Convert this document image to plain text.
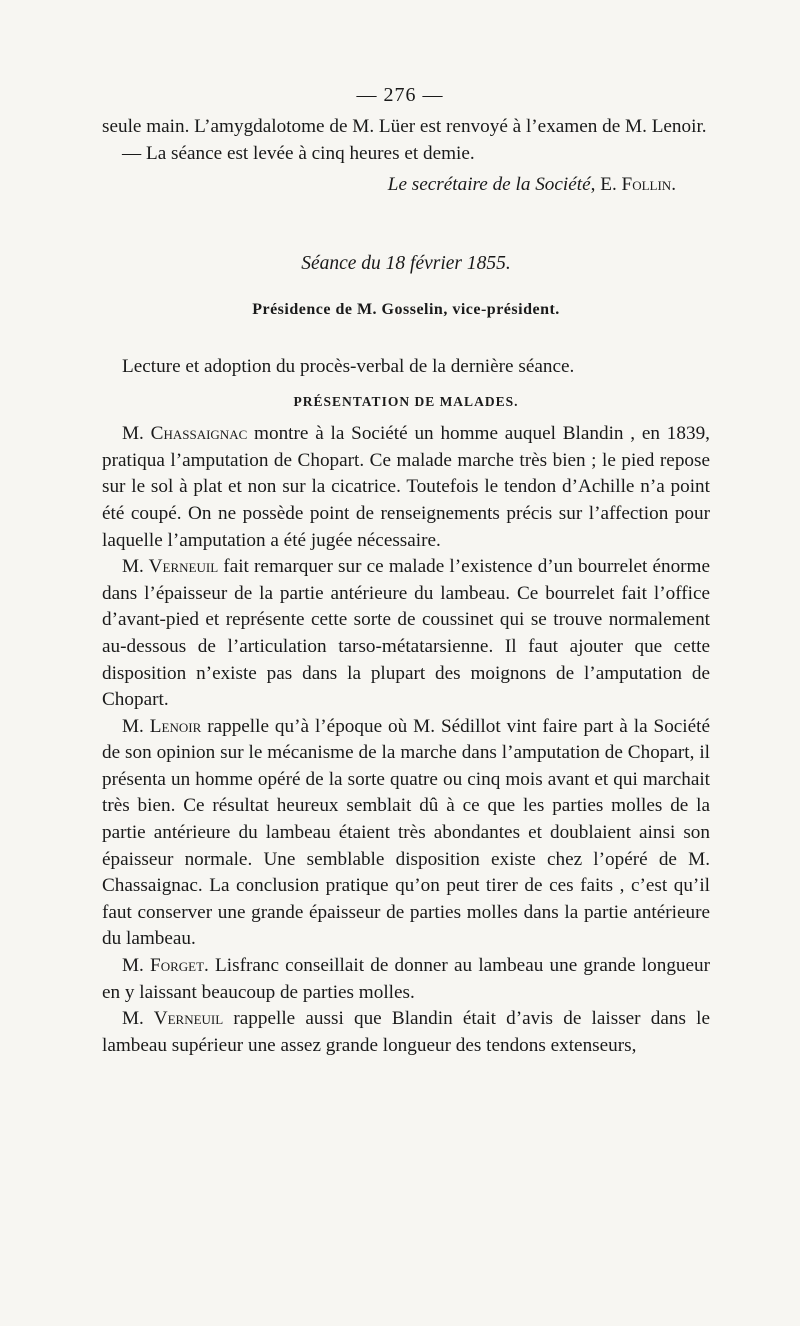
— 276 —

seule main. L’amygdalotome de M. Lüer est renvoyé à l’examen de M. Lenoir.

— La séance est levée à cinq heures et demie.

Le secrétaire de la Société, E. Follin.

Séance du 18 février 1855.

Présidence de M. Gosselin, vice-président.

Lecture et adoption du procès-verbal de la dernière séance.

PRÉSENTATION DE MALADES.

M. Chassaignac montre à la Société un homme auquel Blandin , en 1839, pratiqua l’amputation de Chopart. Ce malade marche très bien ; le pied repose sur le sol à plat et non sur la cicatrice. Toutefois le tendon d’Achille n’a point été coupé. On ne possède point de renseignements précis sur l’affection pour laquelle l’amputation a été jugée nécessaire.

M. Verneuil fait remarquer sur ce malade l’existence d’un bourrelet énorme dans l’épaisseur de la partie antérieure du lambeau. Ce bourrelet fait l’office d’avant-pied et représente cette sorte de coussinet qui se trouve normalement au-dessous de l’articulation tarso-métatarsienne. Il faut ajouter que cette disposition n’existe pas dans la plupart des moignons de l’amputation de Chopart.

M. Lenoir rappelle qu’à l’époque où M. Sédillot vint faire part à la Société de son opinion sur le mécanisme de la marche dans l’amputation de Chopart, il présenta un homme opéré de la sorte quatre ou cinq mois avant et qui marchait très bien. Ce résultat heureux semblait dû à ce que les parties molles de la partie antérieure du lambeau étaient très abondantes et doublaient ainsi son épaisseur normale. Une semblable disposition existe chez l’opéré de M. Chassaignac. La conclusion pratique qu’on peut tirer de ces faits , c’est qu’il faut conserver une grande épaisseur de parties molles dans la partie antérieure du lambeau.

M. Forget. Lisfranc conseillait de donner au lambeau une grande longueur en y laissant beaucoup de parties molles.

M. Verneuil rappelle aussi que Blandin était d’avis de laisser dans le lambeau supérieur une assez grande longueur des tendons extenseurs,
